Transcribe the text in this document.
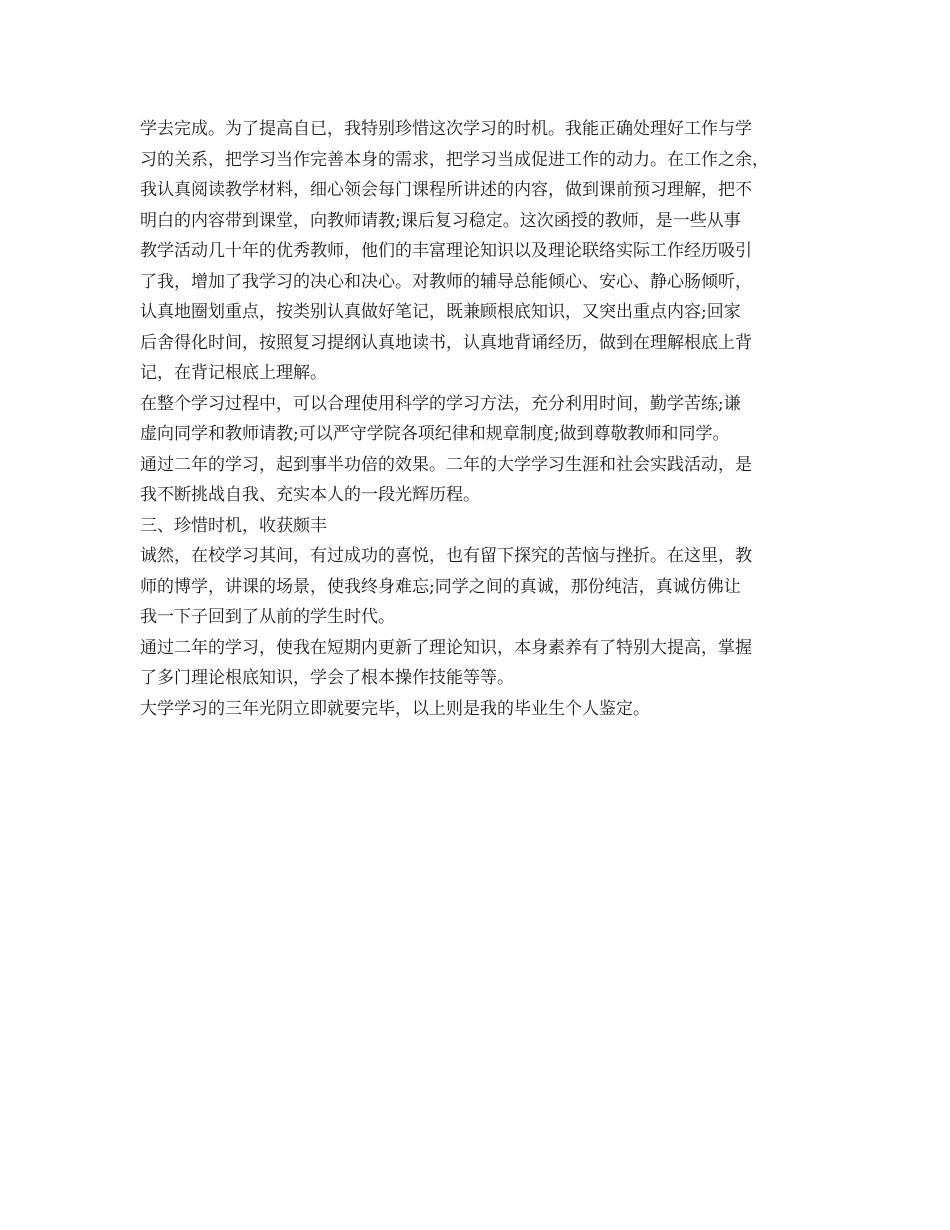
学去完成。为了提高自已，我特别珍惜这次学习的时机。我能正确处理好工作与学
习的关系，把学习当作完善本身的需求，把学习当成促进工作的动力。在工作之余，
我认真阅读教学材料，细心领会每门课程所讲述的内容，做到课前预习理解，把不
明白的内容带到课堂，向教师请教;课后复习稳定。这次函授的教师，是一些从事
教学活动几十年的优秀教师，他们的丰富理论知识以及理论联络实际工作经历吸引
了我，增加了我学习的决心和决心。对教师的辅导总能倾心、安心、静心肠倾听，
认真地圈划重点，按类别认真做好笔记，既兼顾根底知识，又突出重点内容;回家
后舍得化时间，按照复习提纲认真地读书，认真地背诵经历，做到在理解根底上背
记，在背记根底上理解。
在整个学习过程中，可以合理使用科学的学习方法，充分利用时间，勤学苦练;谦
虚向同学和教师请教;可以严守学院各项纪律和规章制度;做到尊敬教师和同学。
通过二年的学习，起到事半功倍的效果。二年的大学学习生涯和社会实践活动，是
我不断挑战自我、充实本人的一段光辉历程。
三、珍惜时机，收获颇丰
诚然，在校学习其间，有过成功的喜悦，也有留下探究的苦恼与挫折。在这里，教
师的博学，讲课的场景，使我终身难忘;同学之间的真诚，那份纯洁，真诚仿佛让
我一下子回到了从前的学生时代。
通过二年的学习，使我在短期内更新了理论知识，本身素养有了特别大提高，掌握
了多门理论根底知识，学会了根本操作技能等等。
大学学习的三年光阴立即就要完毕，以上则是我的毕业生个人鉴定。
